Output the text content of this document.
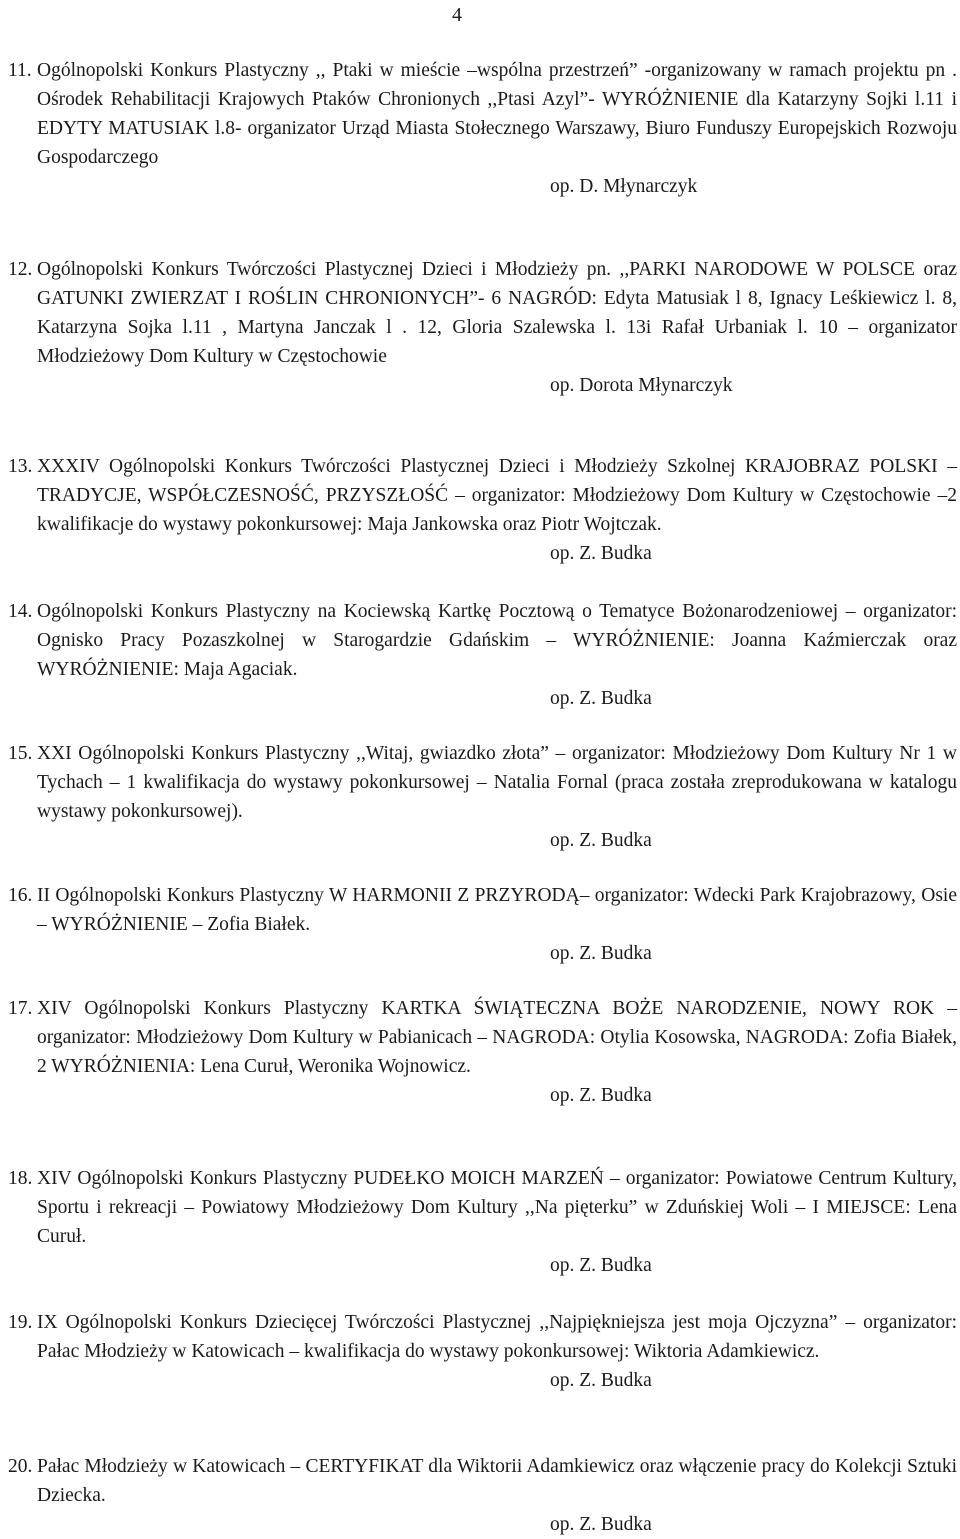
4
11. Ogólnopolski Konkurs Plastyczny ,, Ptaki w mieście –wspólna przestrzeń” -organizowany w ramach projektu pn . Ośrodek Rehabilitacji Krajowych Ptaków Chronionych ,,Ptasi Azyl”- WYRÓŻNIENIE dla Katarzyny Sojki l.11 i EDYTY MATUSIAK l.8- organizator Urząd Miasta Stołecznego Warszawy, Biuro Funduszy Europejskich Rozwoju Gospodarczego
op. D. Młynarczyk
12. Ogólnopolski Konkurs Twórczości Plastycznej Dzieci i Młodzieży pn. ,,PARKI NARODOWE W POLSCE oraz GATUNKI ZWIERZAT I ROŚLIN CHRONIONYCH”- 6 NAGRÓD: Edyta Matusiak l 8, Ignacy Leśkiewicz l. 8, Katarzyna Sojka l.11 , Martyna Janczak l . 12, Gloria Szalewska l. 13i Rafał Urbaniak l. 10 – organizator Młodzieżowy Dom Kultury w Częstochowie
op. Dorota Młynarczyk
13. XXXIV Ogólnopolski Konkurs Twórczości Plastycznej Dzieci i Młodzieży Szkolnej KRAJOBRAZ POLSKI –TRADYCJE, WSPÓŁCZESNOŚĆ, PRZYSZŁOŚĆ – organizator: Młodzieżowy Dom Kultury w Częstochowie –2 kwalifikacje do wystawy pokonkursowej: Maja Jankowska oraz Piotr Wojtczak.
op. Z. Budka
14. Ogólnopolski Konkurs Plastyczny na Kociewską Kartkę Pocztową o Tematyce Bożonarodzeniowej – organizator: Ognisko Pracy Pozaszkolnej w Starogardzie Gdańskim – WYRÓŻNIENIE: Joanna Kaźmierczak oraz WYRÓŻNIENIE: Maja Agaciak.
op. Z. Budka
15. XXI Ogólnopolski Konkurs Plastyczny ,,Witaj, gwiazdko złota” – organizator: Młodzieżowy Dom Kultury Nr 1 w Tychach – 1 kwalifikacja do wystawy pokonkursowej – Natalia Fornal (praca została zreprodukowana w katalogu wystawy pokonkursowej).
op. Z. Budka
16. II Ogólnopolski Konkurs Plastyczny W HARMONII Z PRZYRODĄ– organizator: Wdecki Park Krajobrazowy, Osie – WYRÓŻNIENIE – Zofia Białek.
op. Z. Budka
17. XIV Ogólnopolski Konkurs Plastyczny KARTKA ŚWIĄTECZNA BOŻE NARODZENIE, NOWY ROK – organizator: Młodzieżowy Dom Kultury w Pabianicach – NAGRODA: Otylia Kosowska, NAGRODA: Zofia Białek, 2 WYRÓŻNIENIA: Lena Curuł, Weronika Wojnowicz.
op. Z. Budka
18. XIV Ogólnopolski Konkurs Plastyczny PUDEŁKO MOICH MARZEŃ – organizator: Powiatowe Centrum Kultury, Sportu i rekreacji – Powiatowy Młodzieżowy Dom Kultury ,,Na pięterku” w Zduńskiej Woli – I MIEJSCE: Lena Curuł.
op. Z. Budka
19. IX Ogólnopolski Konkurs Dziecięcej Twórczości Plastycznej ,,Najpiękniejsza jest moja Ojczyzna” – organizator: Pałac Młodzieży w Katowicach – kwalifikacja do wystawy pokonkursowej: Wiktoria Adamkiewicz.
op. Z. Budka
20. Pałac Młodzieży w Katowicach – CERTYFIKAT dla Wiktorii Adamkiewicz oraz włączenie pracy do Kolekcji Sztuki Dziecka.
op. Z. Budka
